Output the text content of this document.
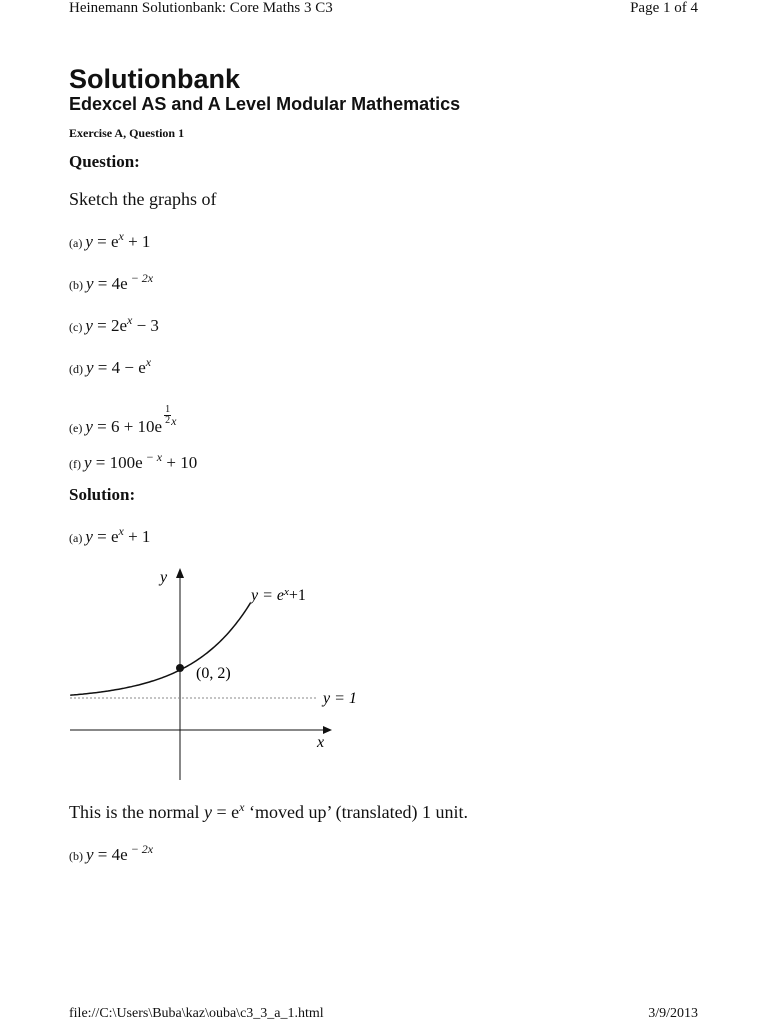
Heinemann Solutionbank: Core Maths 3 C3	Page 1 of 4
Solutionbank
Edexcel AS and A Level Modular Mathematics
Exercise A, Question 1
Question:
Sketch the graphs of
(a) $y = e^x + 1$
(b) y = 4e $^{- 2x}$
(c) $y = 2e^x - 3$
(d) $y = 4 - e^x$
(e) y = 6 + 10e
$\frac{1}{2} ^x$
(f) y = 100e $^{- x}$ + 10
Solution:
(a) $y = e^x + 1$
y
x
$y = e^x+1$
(0, 2)
y = 1
This is the normal $y = e^x$ ‘moved up’ (translated) 1 unit.
(b) y = 4e $^{- 2x}$
file://C:\Users\Buba\kaz\ouba\c3_3_a_1.html	3/9/2013
